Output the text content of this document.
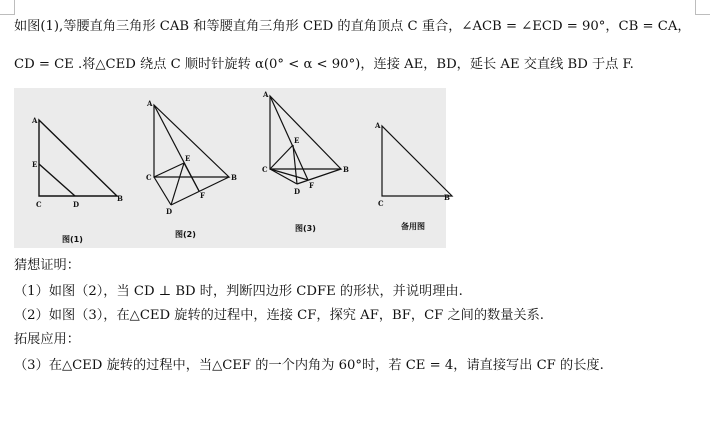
如图(1),等腰直角三角形 CAB 和等腰直角三角形 CED 的直角顶点 C 重合，∠ACB = ∠ECD = 90°，CB = CA，
CD = CE .将△CED 绕点 C 顺时针旋转 α(0° < α < 90°)，连接 AE，BD，延长 AE 交直线 BD 于点 F.
A
E
C	D
B
图(1)
A
E
C
F
D
B
图(2)
A
E
C
F
D
B
图(3)
A
C
B
备用图
猜想证明：
（1）如图（2），当 CD ⊥ BD 时，判断四边形 CDFE 的形状，并说明理由.
（2）如图（3），在△CED 旋转的过程中，连接 CF，探究 AF，BF，CF 之间的数量关系.
拓展应用：
（3）在△CED 旋转的过程中，当△CEF 的一个内角为 60°时，若 CE = 4，请直接写出 CF 的长度.
